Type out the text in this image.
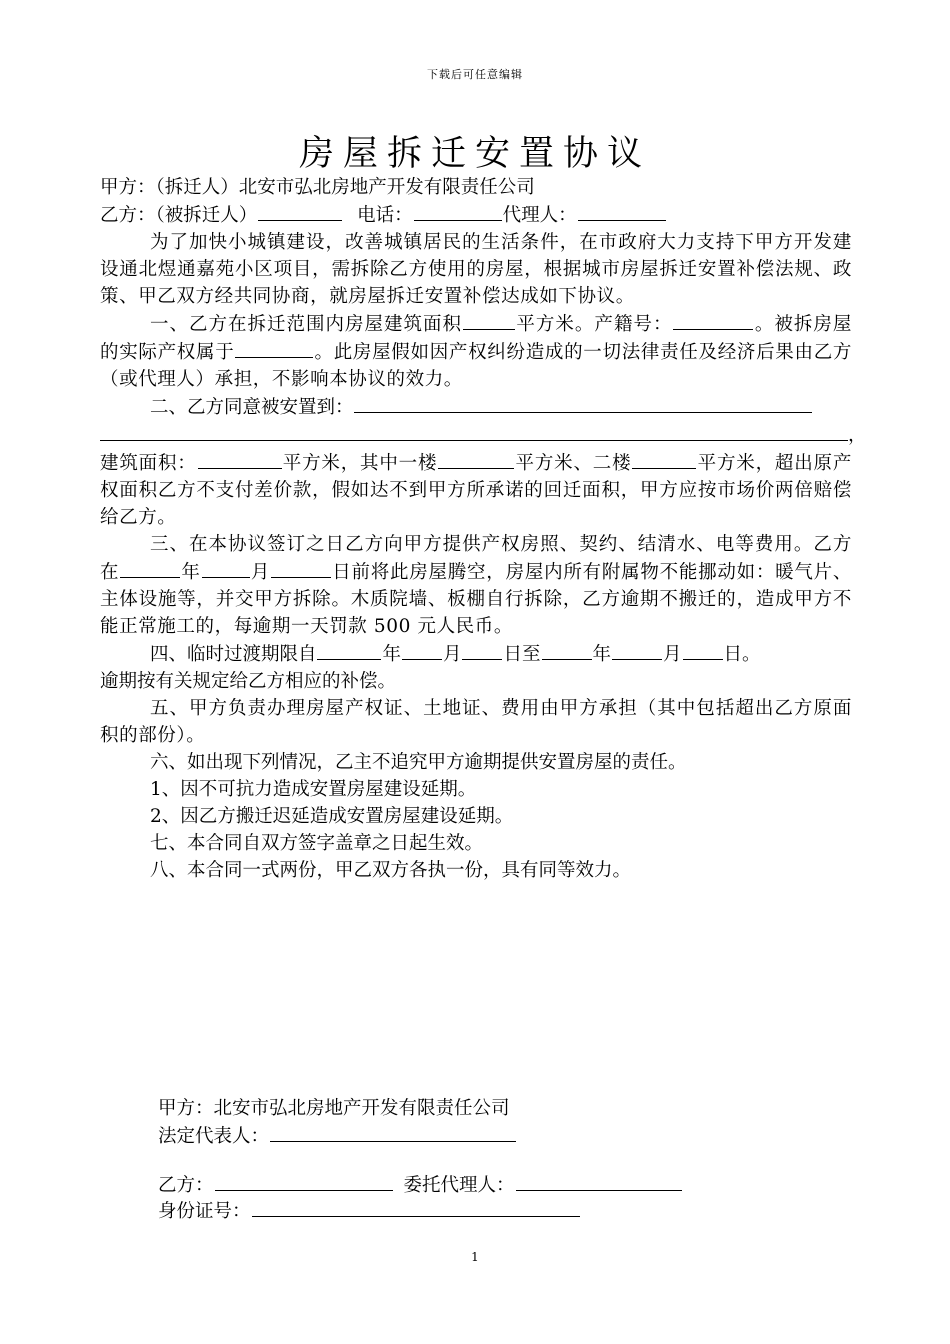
下载后可任意编辑
房屋拆迁安置协议
甲方：（拆迁人）北安市弘北房地产开发有限责任公司
乙方：（被拆迁人）	电话：	代理人：
为了加快小城镇建设，改善城镇居民的生活条件，在市政府大力支持下甲方开发建设通北煜通嘉苑小区项目，需拆除乙方使用的房屋，根据城市房屋拆迁安置补偿法规、政策、甲乙双方经共同协商，就房屋拆迁安置补偿达成如下协议。
一、乙方在拆迁范围内房屋建筑面积	平方米。产籍号：	。被拆房屋的实际产权属于	。此房屋假如因产权纠纷造成的一切法律责任及经济后果由乙方（或代理人）承担，不影响本协议的效力。
二、乙方同意被安置到：
，
建筑面积：	平方米，其中一楼	平方米、二楼	平方米，超出原产权面积乙方不支付差价款，假如达不到甲方所承诺的回迁面积，甲方应按市场价两倍赔偿给乙方。
三、在本协议签订之日乙方向甲方提供产权房照、契约、结清水、电等费用。乙方在	年	月	日前将此房屋腾空，房屋内所有附属物不能挪动如：暖气片、主体设施等，并交甲方拆除。木质院墙、板棚自行拆除，乙方逾期不搬迁的，造成甲方不能正常施工的，每逾期一天罚款 500 元人民币。
四、临时过渡期限自	年 月 日至	年	月 日。
逾期按有关规定给乙方相应的补偿。
五、甲方负责办理房屋产权证、土地证、费用由甲方承担（其中包括超出乙方原面积的部份）。
六、如出现下列情况，乙主不追究甲方逾期提供安置房屋的责任。
1、因不可抗力造成安置房屋建设延期。
2、因乙方搬迁迟延造成安置房屋建设延期。
七、本合同自双方签字盖章之日起生效。
八、本合同一式两份，甲乙双方各执一份，具有同等效力。
甲方：北安市弘北房地产开发有限责任公司
法定代表人：
乙方：	委托代理人：
身份证号：
1
